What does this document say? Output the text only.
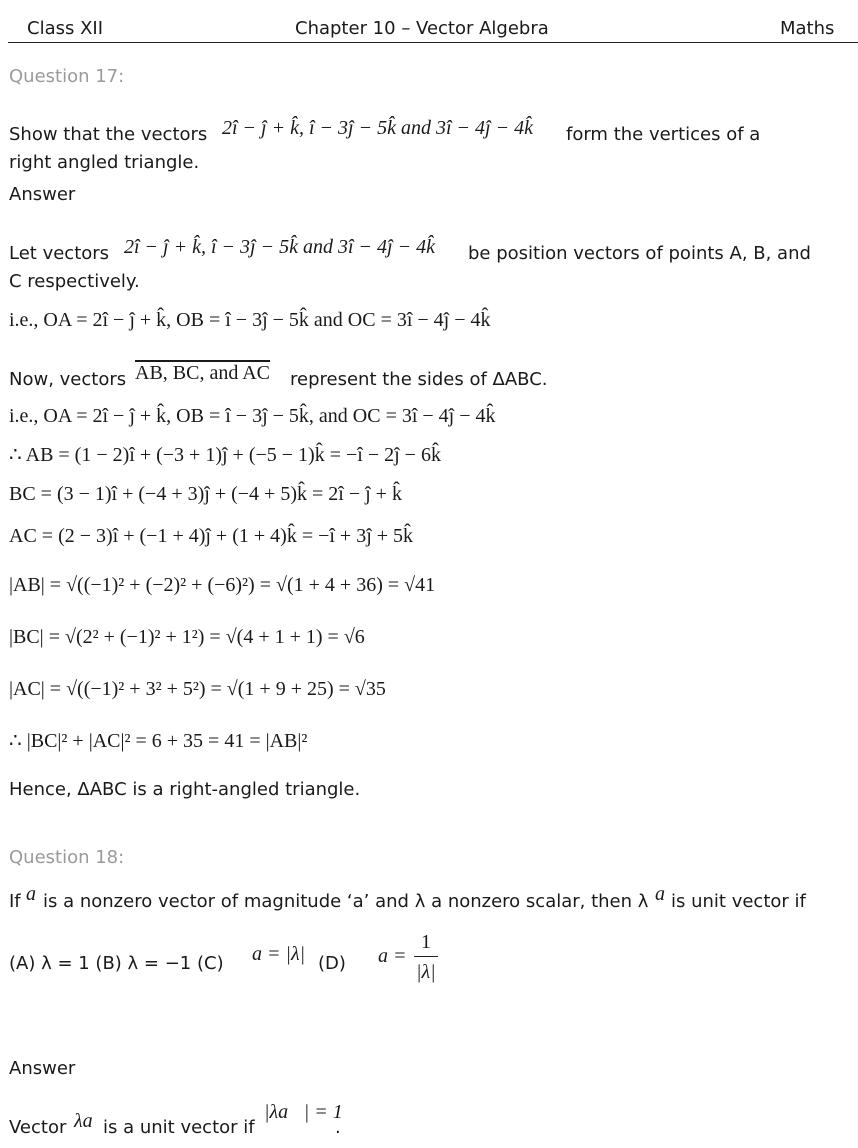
Class XII	Chapter 10 – Vector Algebra	Maths
Question 17:
Show that the vectors 2î − ĵ + k̂, î − 3ĵ − 5k̂ and 3î − 4ĵ − 4k̂ form the vertices of a
right angled triangle.
Answer
Let vectors 2î − ĵ + k̂, î − 3ĵ − 5k̂ and 3î − 4ĵ − 4k̂ be position vectors of points A, B, and
C respectively.
i.e., OA = 2î − ĵ + k̂, OB = î − 3ĵ − 5k̂ and OC = 3î − 4ĵ − 4k̂
Now, vectors AB, BC, and AC represent the sides of ΔABC.
i.e., OA = 2î − ĵ + k̂, OB = î − 3ĵ − 5k̂, and OC = 3î − 4ĵ − 4k̂
∴ AB = (1 − 2)î + (−3 + 1)ĵ + (−5 − 1)k̂ = −î − 2ĵ − 6k̂
BC = (3 − 1)î + (−4 + 3)ĵ + (−4 + 5)k̂ = 2î − ĵ + k̂
AC = (2 − 3)î + (−1 + 4)ĵ + (1 + 4)k̂ = −î + 3ĵ + 5k̂
|AB| = √((−1)² + (−2)² + (−6)²) = √(1 + 4 + 36) = √41
|BC| = √(2² + (−1)² + 1²) = √(4 + 1 + 1) = √6
|AC| = √((−1)² + 3² + 5²) = √(1 + 9 + 25) = √35
∴ |BC|² + |AC|² = 6 + 35 = 41 = |AB|²
Hence, ΔABC is a right-angled triangle.
Question 18:
If a⃗
is a nonzero vector of magnitude ‘a’ and λ a nonzero scalar, then λ a⃗
is unit vector if
(A) λ = 1 (B) λ = −1 (C) a = |λ| (D) a =
1
|λ|
Answer
Vector λa⃗
is a unit vector if
|λa⃗| = 1
.
